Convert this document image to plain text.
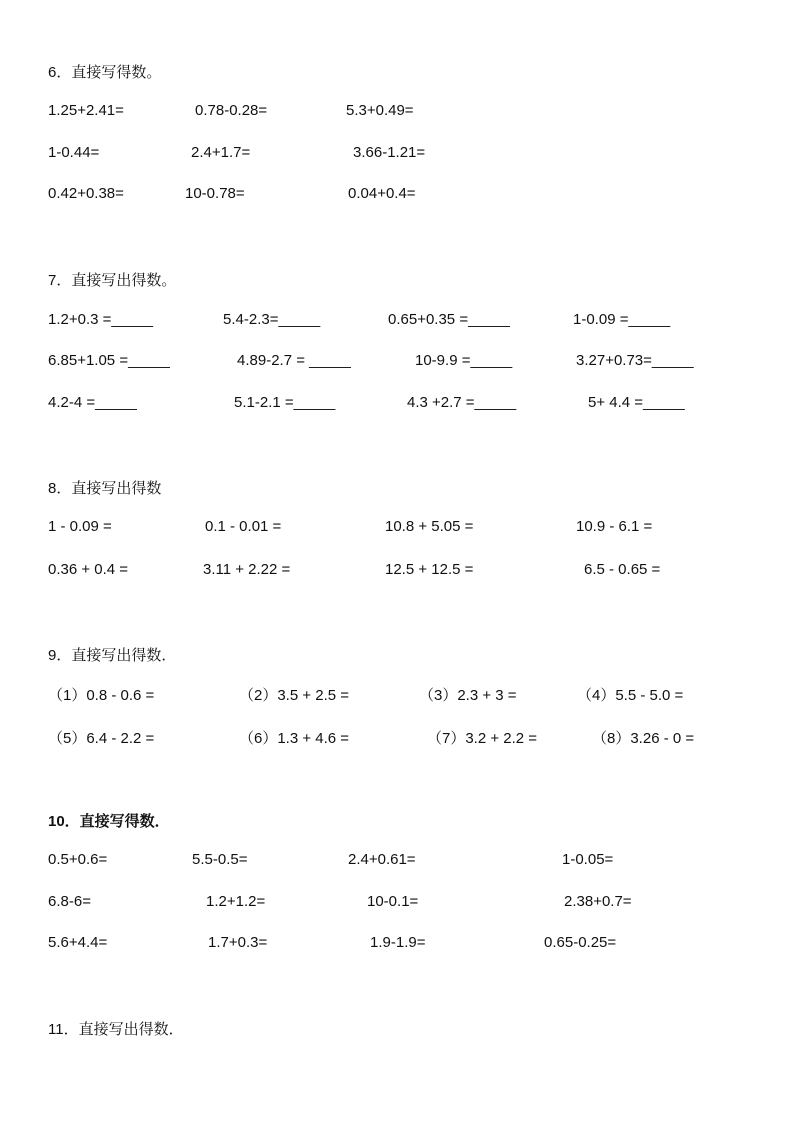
6．直接写得数。
1.25+2.41=	0.78-0.28=	5.3+0.49=
1-0.44=	2.4+1.7=	3.66-1.21=
0.42+0.38=	10-0.78=	0.04+0.4=
7．直接写出得数。
1.2+0.3 =_____	5.4-2.3=_____	0.65+0.35 =_____	1-0.09 =_____
6.85+1.05 =_____	4.89-2.7 = _____	10-9.9 =_____	3.27+0.73=_____
4.2-4 =_____	5.1-2.1 =_____	4.3 +2.7 =_____	5+ 4.4 =_____
8．直接写出得数
1 - 0.09 =	0.1 - 0.01 =	10.8 + 5.05 =	10.9 - 6.1 =
0.36 + 0.4 =	3.11 + 2.22 =	12.5 + 12.5 =	6.5 - 0.65 =
9．直接写出得数．
（1）0.8 - 0.6 =	（2）3.5 + 2.5 =	（3）2.3 + 3 =	（4）5.5 - 5.0 =
（5）6.4 - 2.2 =	（6）1.3 + 4.6 =	（7）3.2 + 2.2 =	（8）3.26 - 0 =
10．直接写得数．
0.5+0.6=	5.5-0.5=	2.4+0.61=	1-0.05=
6.8-6=	1.2+1.2=	10-0.1=	2.38+0.7=
5.6+4.4=	1.7+0.3=	1.9-1.9=	0.65-0.25=
11．直接写出得数．
